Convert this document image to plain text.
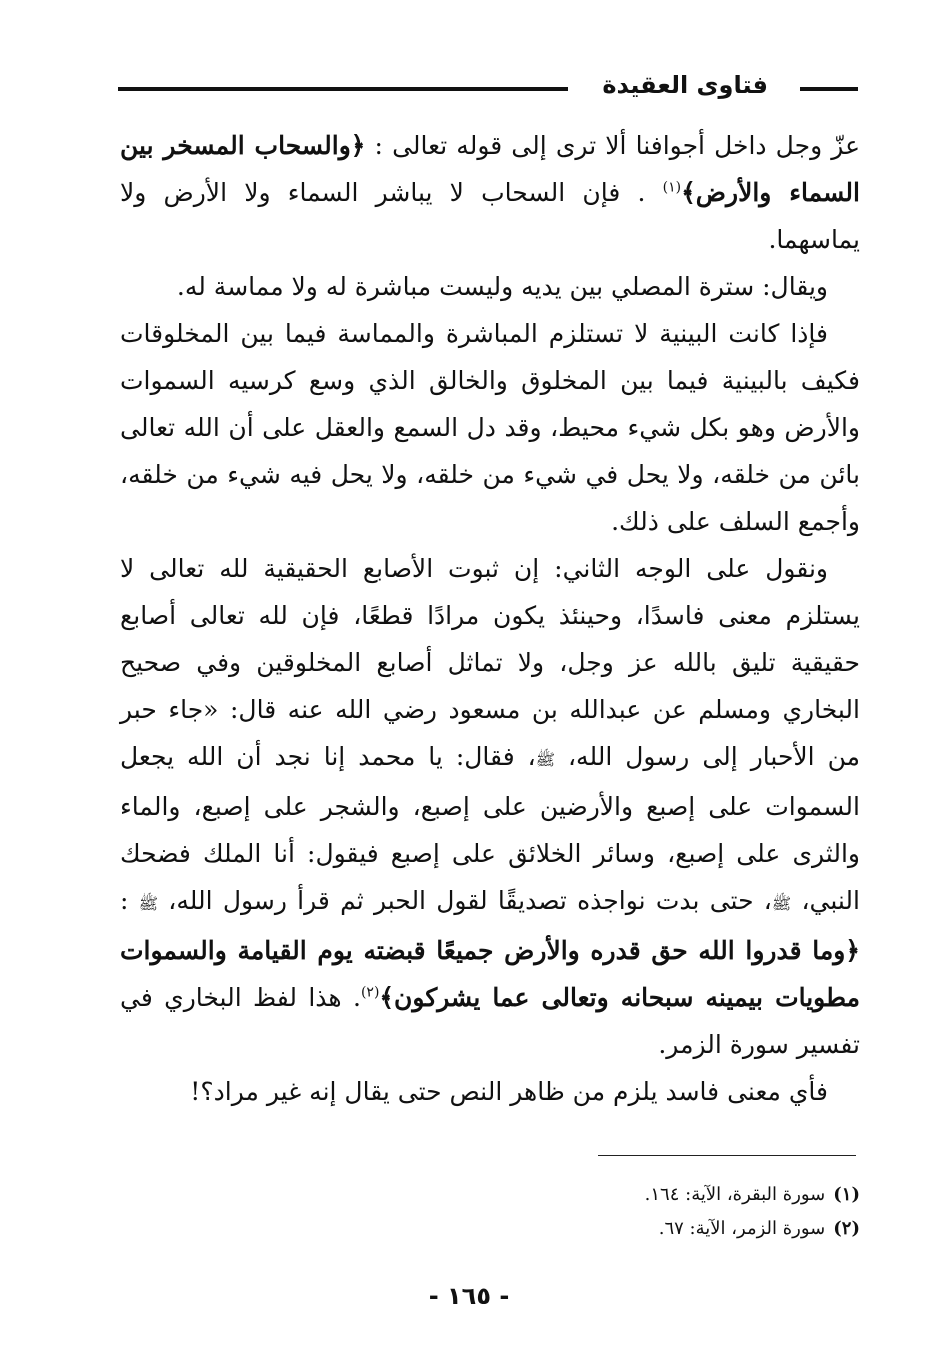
فتاوى العقيدة

عزّ وجل داخل أجوافنا ألا ترى إلى قوله تعالى : ﴿والسحاب المسخر بين السماء والأرض﴾$^{(١)}$ . فإن السحاب لا يباشر السماء ولا الأرض ولا يماسهما.

ويقال: سترة المصلي بين يديه وليست مباشرة له ولا مماسة له.

فإذا كانت البينية لا تستلزم المباشرة والمماسة فيما بين المخلوقات فكيف بالبينية فيما بين المخلوق والخالق الذي وسع كرسيه السموات والأرض وهو بكل شيء محيط، وقد دل السمع والعقل على أن الله تعالى بائن من خلقه، ولا يحل في شيء من خلقه، ولا يحل فيه شيء من خلقه، وأجمع السلف على ذلك.

ونقول على الوجه الثاني: إن ثبوت الأصابع الحقيقية لله تعالى لا يستلزم معنى فاسدًا، وحينئذ يكون مرادًا قطعًا، فإن لله تعالى أصابع حقيقية تليق بالله عز وجل، ولا تماثل أصابع المخلوقين وفي صحيح البخاري ومسلم عن عبدالله بن مسعود رضي الله عنه قال: «جاء حبر من الأحبار إلى رسول الله، ﷺ، فقال: يا محمد إنا نجد أن الله يجعل السموات على إصبع والأرضين على إصبع، والشجر على إصبع، والماء والثرى على إصبع، وسائر الخلائق على إصبع فيقول: أنا الملك فضحك النبي، ﷺ، حتى بدت نواجذه تصديقًا لقول الحبر ثم قرأ رسول الله، ﷺ : ﴿وما قدروا الله حق قدره والأرض جميعًا قبضته يوم القيامة والسموات مطويات بيمينه سبحانه وتعالى عما يشركون﴾$^{(٢)}$. هذا لفظ البخاري في تفسير سورة الزمر.

فأي معنى فاسد يلزم من ظاهر النص حتى يقال إنه غير مراد؟!

(١)سورة البقرة، الآية: ١٦٤.
(٢)سورة الزمر، الآية: ٦٧.
- ١٦٥ -
